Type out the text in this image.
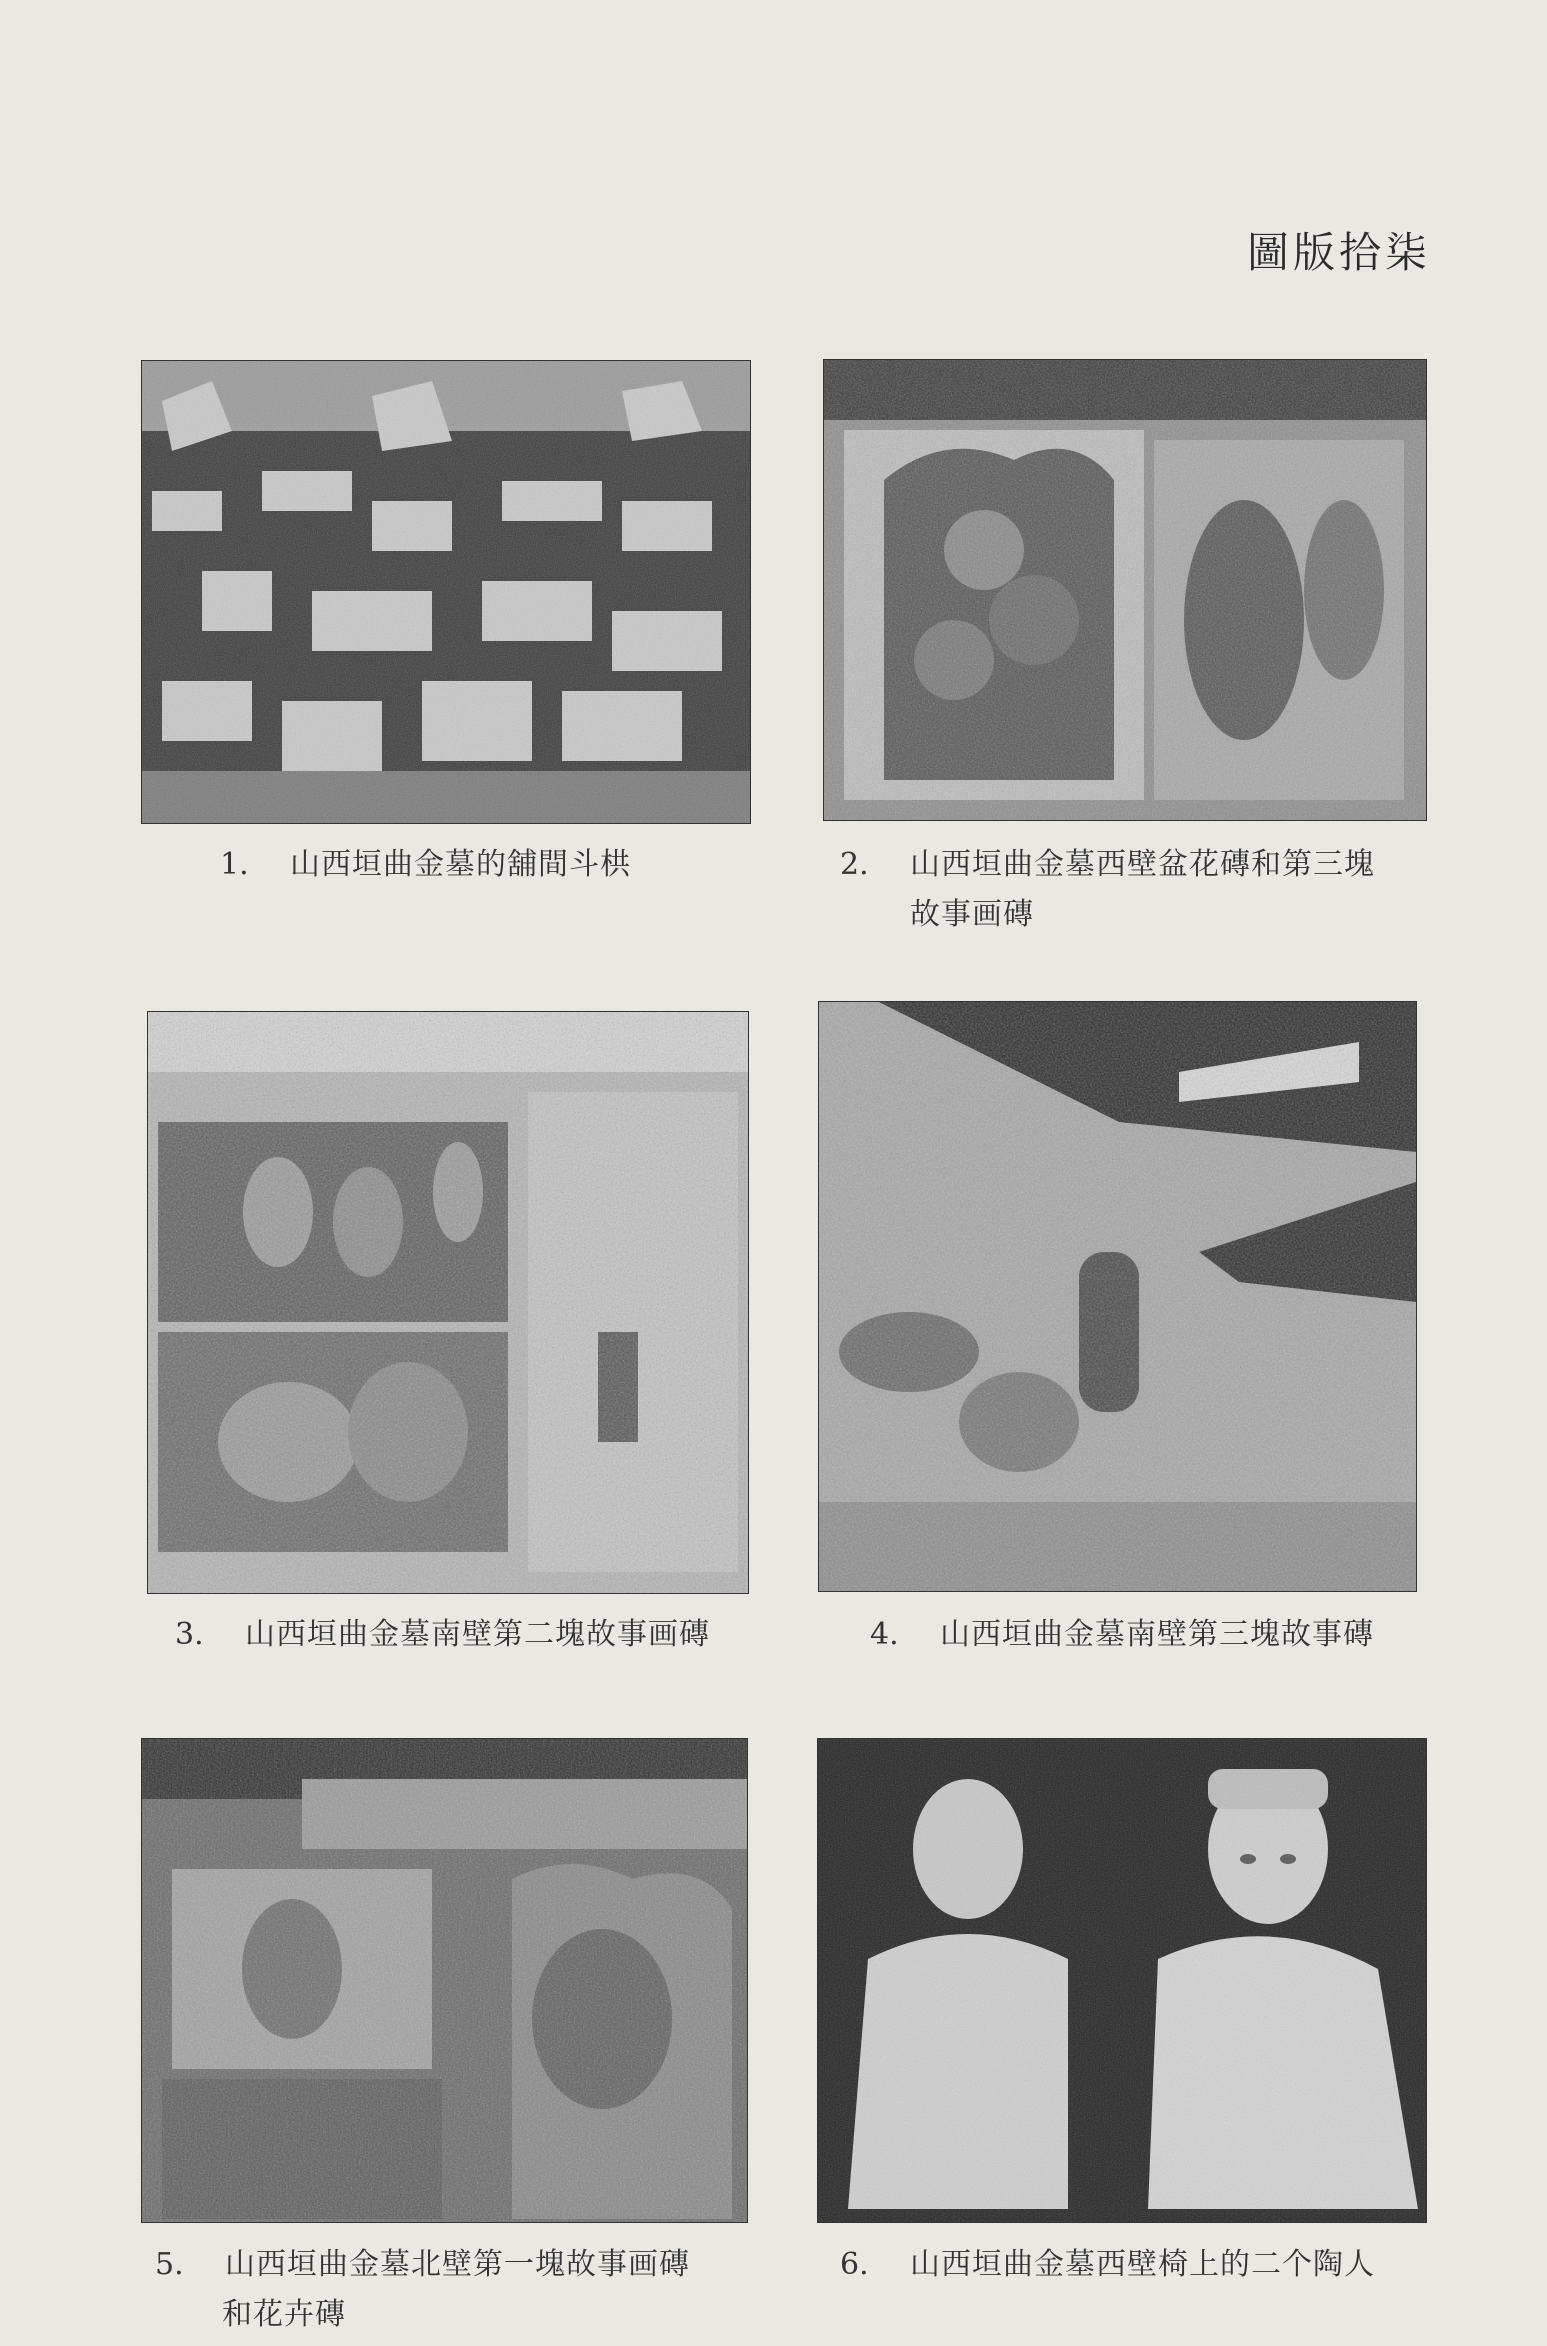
圖版拾柒
1. 山西垣曲金墓的舖間斗栱	2. 山西垣曲金墓西壁盆花磚和第三塊
故事画磚
3. 山西垣曲金墓南壁第二塊故事画磚	4. 山西垣曲金墓南壁第三塊故事磚
5. 山西垣曲金墓北壁第一塊故事画磚
和花卉磚
6. 山西垣曲金墓西壁椅上的二个陶人
